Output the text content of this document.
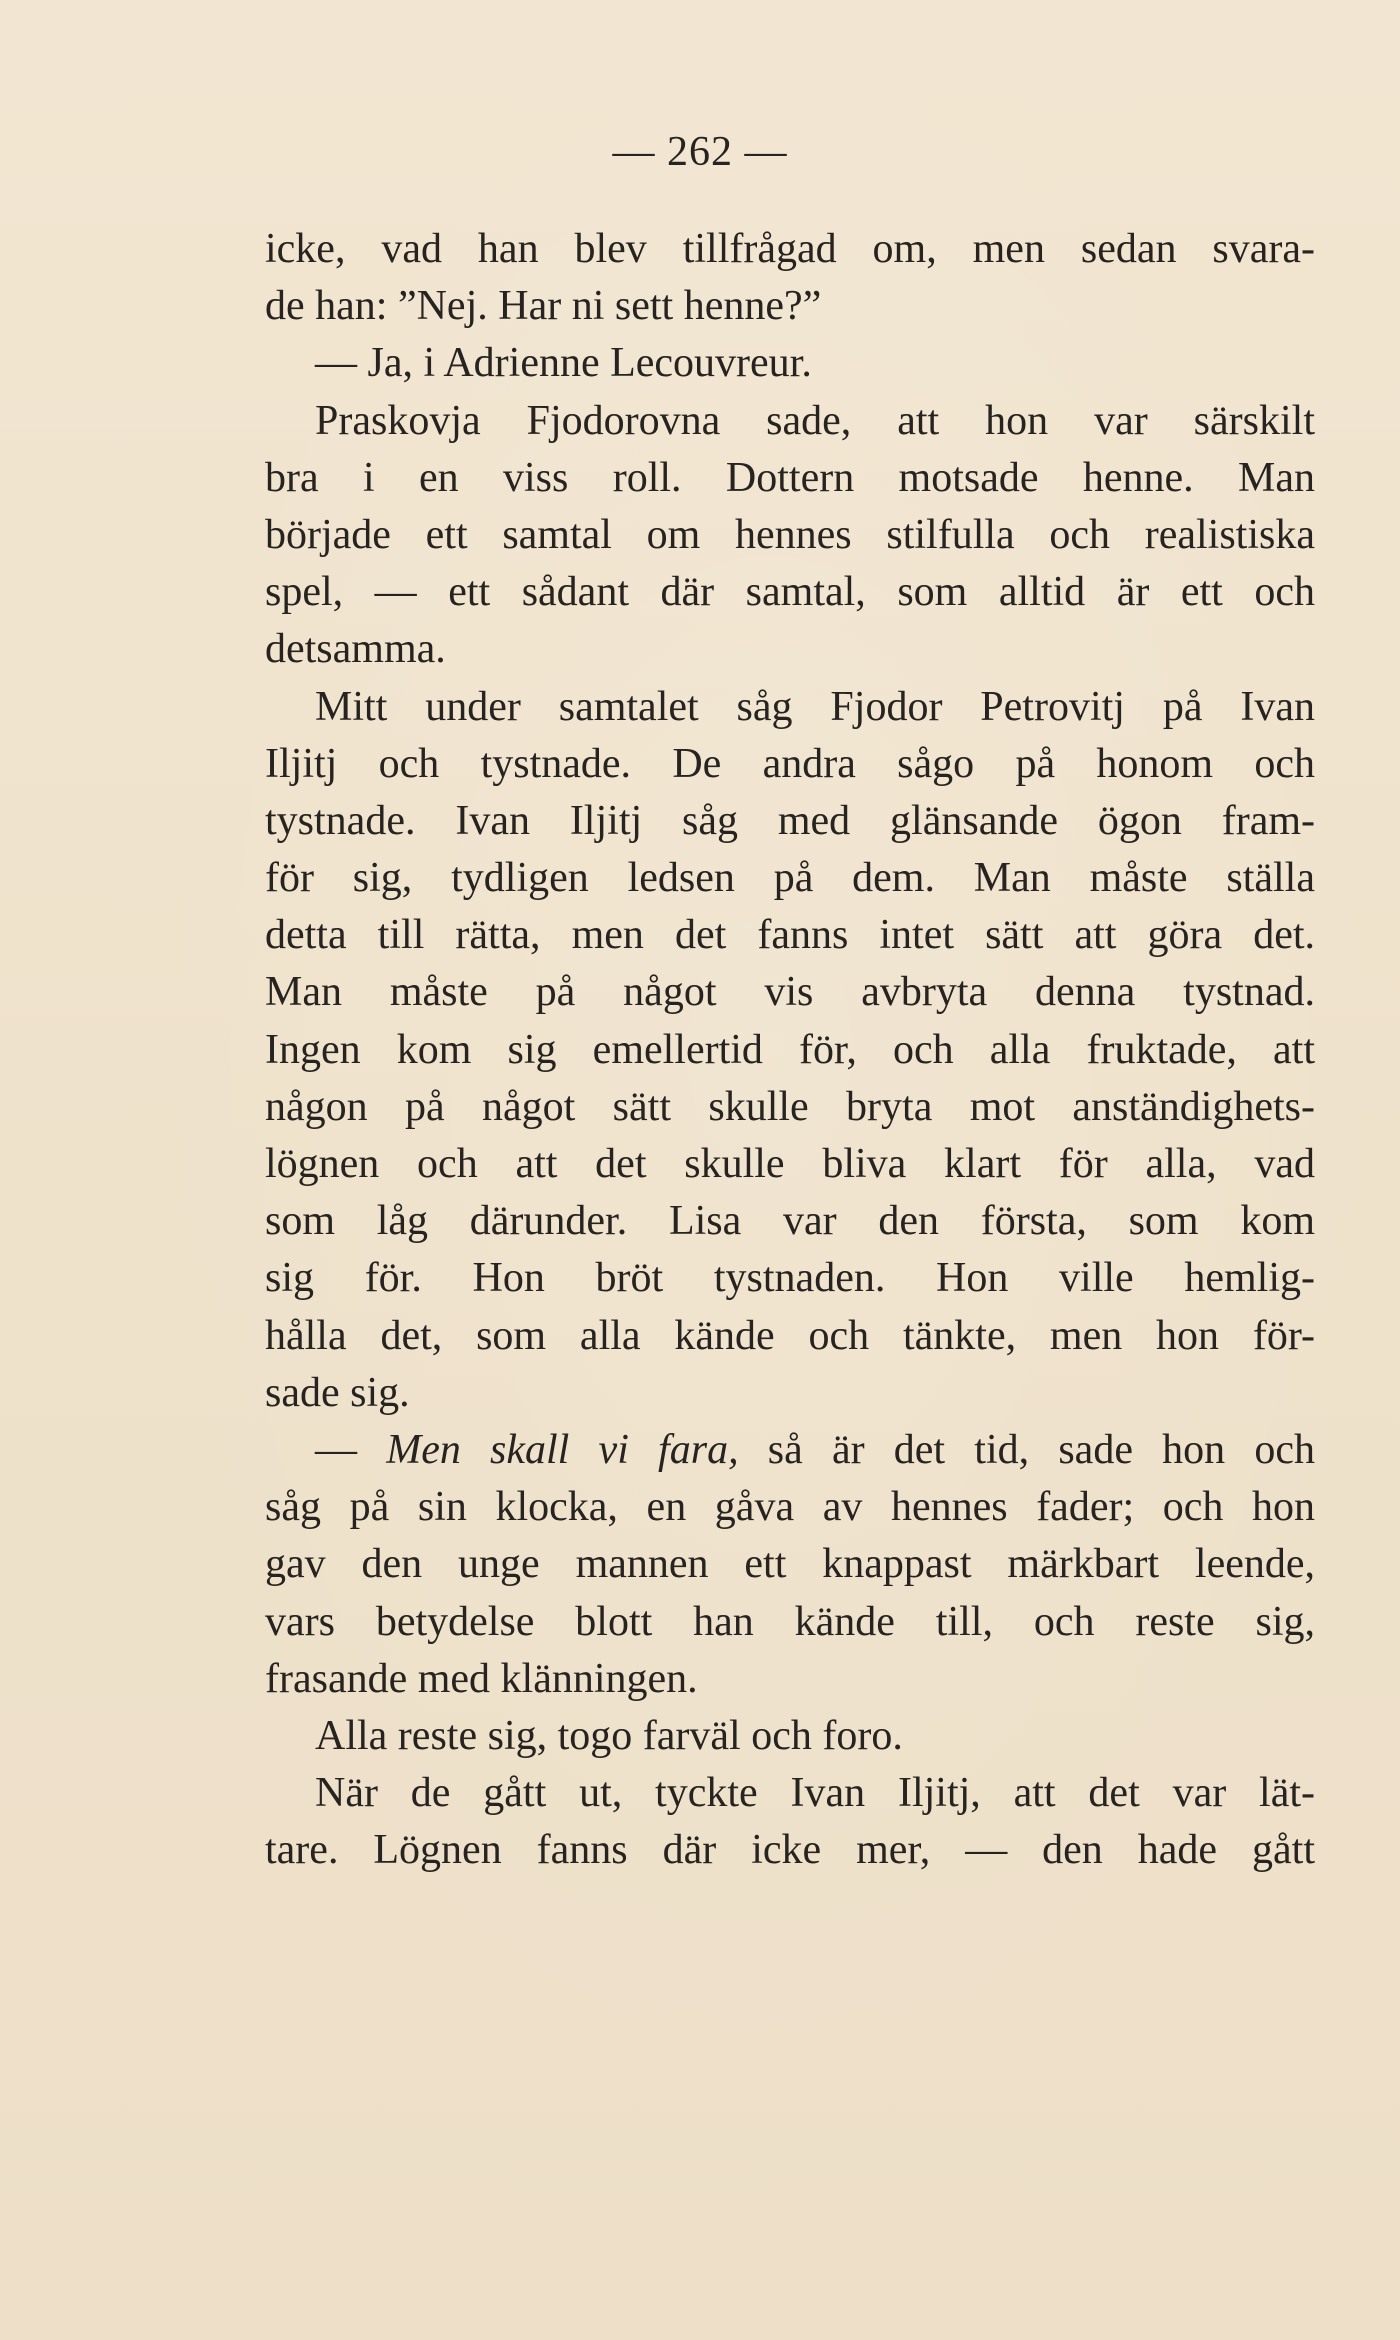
— 262 —
icke, vad han blev tillfrågad om, men sedan svara-
de han: ”Nej. Har ni sett henne?”
— Ja, i Adrienne Lecouvreur.
Praskovja Fjodorovna sade, att hon var särskilt
bra i en viss roll. Dottern motsade henne. Man
började ett samtal om hennes stilfulla och realistiska
spel, — ett sådant där samtal, som alltid är ett och
detsamma.
Mitt under samtalet såg Fjodor Petrovitj på Ivan
Iljitj och tystnade. De andra sågo på honom och
tystnade. Ivan Iljitj såg med glänsande ögon fram-
för sig, tydligen ledsen på dem. Man måste ställa
detta till rätta, men det fanns intet sätt att göra det.
Man måste på något vis avbryta denna tystnad.
Ingen kom sig emellertid för, och alla fruktade, att
någon på något sätt skulle bryta mot anständighets-
lögnen och att det skulle bliva klart för alla, vad
som låg därunder. Lisa var den första, som kom
sig för. Hon bröt tystnaden. Hon ville hemlig-
hålla det, som alla kände och tänkte, men hon för-
sade sig.
— Men skall vi fara, så är det tid, sade hon och
såg på sin klocka, en gåva av hennes fader; och hon
gav den unge mannen ett knappast märkbart leende,
vars betydelse blott han kände till, och reste sig,
frasande med klänningen.
Alla reste sig, togo farväl och foro.
När de gått ut, tyckte Ivan Iljitj, att det var lät-
tare. Lögnen fanns där icke mer, — den hade gått
